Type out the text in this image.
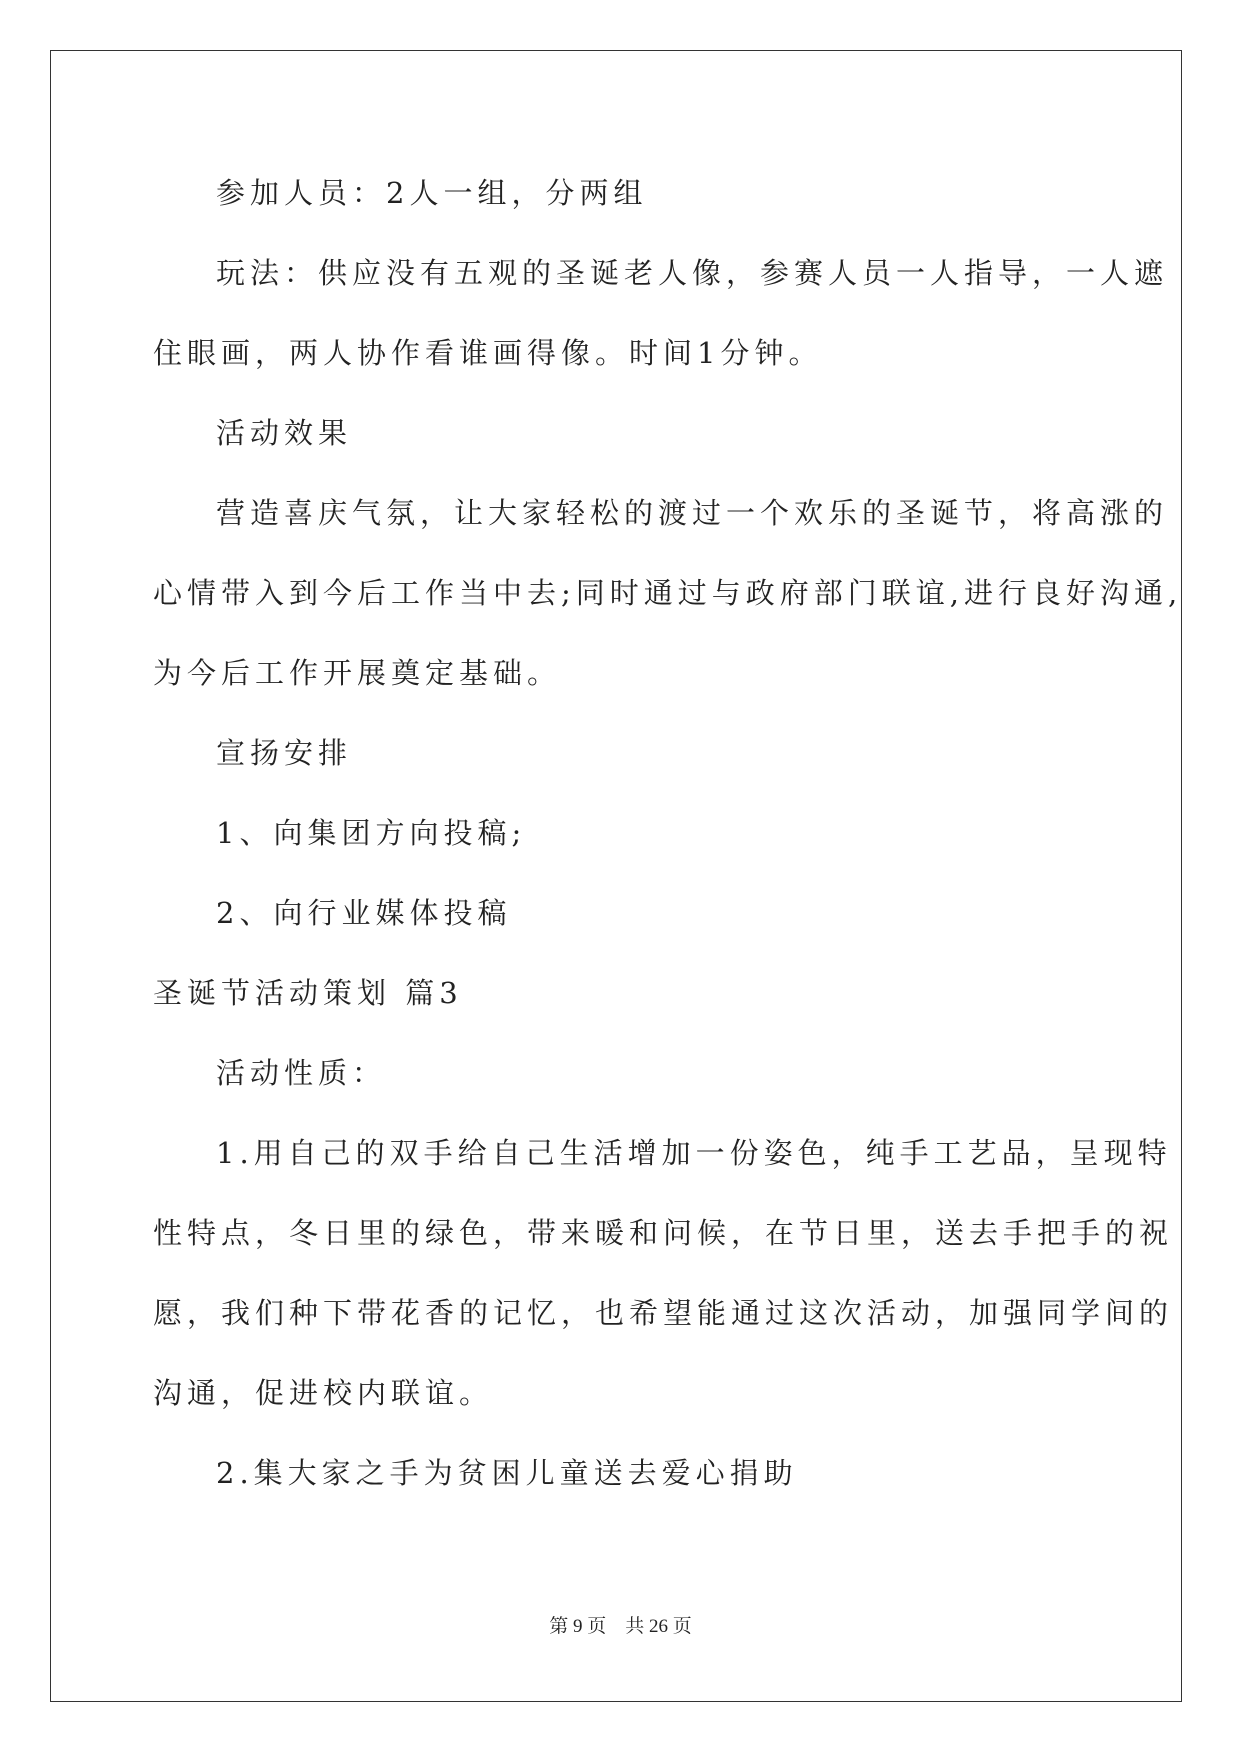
参加人员：2人一组，分两组
玩法：供应没有五观的圣诞老人像，参赛人员一人指导，一人遮
住眼画，两人协作看谁画得像。时间1分钟。
活动效果
营造喜庆气氛，让大家轻松的渡过一个欢乐的圣诞节，将高涨的
心情带入到今后工作当中去;同时通过与政府部门联谊,进行良好沟通,
为今后工作开展奠定基础。
宣扬安排
1、向集团方向投稿;
2、向行业媒体投稿
圣诞节活动策划 篇3
活动性质：
1.用自己的双手给自己生活增加一份姿色，纯手工艺品，呈现特
性特点，冬日里的绿色，带来暖和问候，在节日里，送去手把手的祝
愿，我们种下带花香的记忆，也希望能通过这次活动，加强同学间的
沟通，促进校内联谊。
2.集大家之手为贫困儿童送去爱心捐助
第 9 页    共 26 页
